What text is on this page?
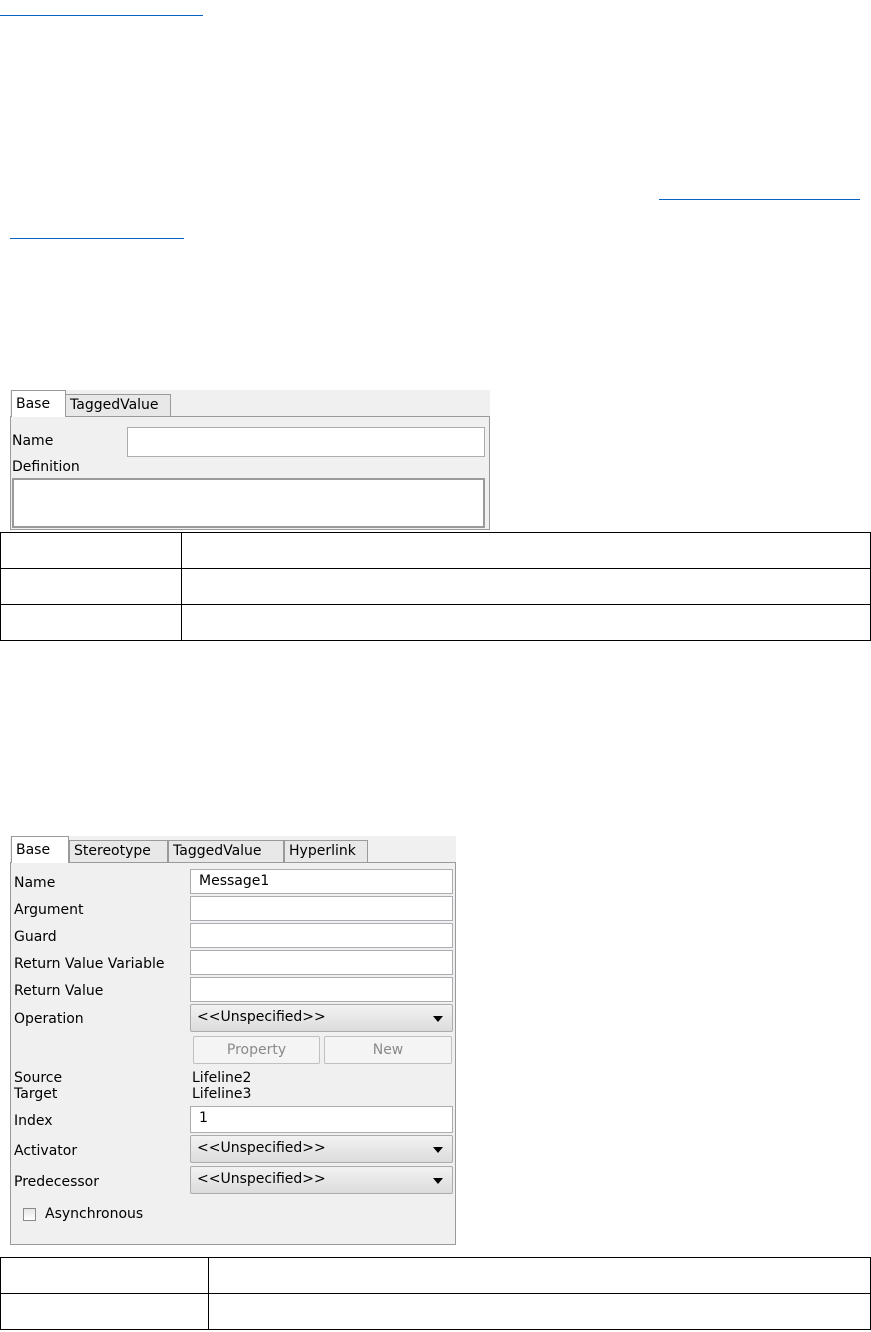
Base	TaggedValue
Name
Definition

Base	Stereotype	TaggedValue	Hyperlink
Name	Message1
Argument
Guard
Return Value Variable
Return Value
Operation	<<Unspecified>>
Property	New
Source	Lifeline2
Target	Lifeline3
Index	1
Activator	<<Unspecified>>
Predecessor	<<Unspecified>>
Asynchronous
